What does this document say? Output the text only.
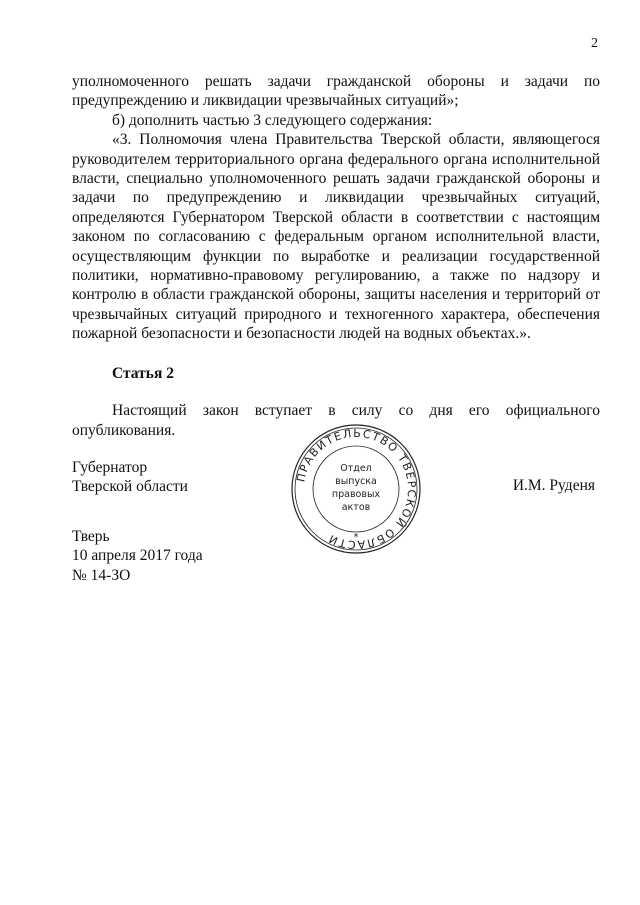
2

уполномоченного решать задачи гражданской обороны и задачи по предупреждению и ликвидации чрезвычайных ситуаций»;

б) дополнить частью 3 следующего содержания:

«3. Полномочия члена Правительства Тверской области, являющегося руководителем территориального органа федерального органа исполнительной власти, специально уполномоченного решать задачи гражданской обороны и задачи по предупреждению и ликвидации чрезвычайных ситуаций, определяются Губернатором Тверской области в соответствии с настоящим законом по согласованию с федеральным органом исполнительной власти, осуществляющим функции по выработке и реализации государственной политики, нормативно-правовому регулированию, а также по надзору и контролю в области гражданской обороны, защиты населения и территорий от чрезвычайных ситуаций природного и техногенного характера, обеспечения пожарной безопасности и безопасности людей на водных объектах.».

Статья 2

Настоящий закон вступает в силу со дня его официального опубликования.

Губернатор
Тверской области
ПРАВИТЕЛЬСТВО ТВЕРСКОЙ ОБЛАСТИ
Отдел
выпуска
правовых
актов
*
И.М. Руденя
Тверь
10 апреля 2017 года
№ 14-ЗО
